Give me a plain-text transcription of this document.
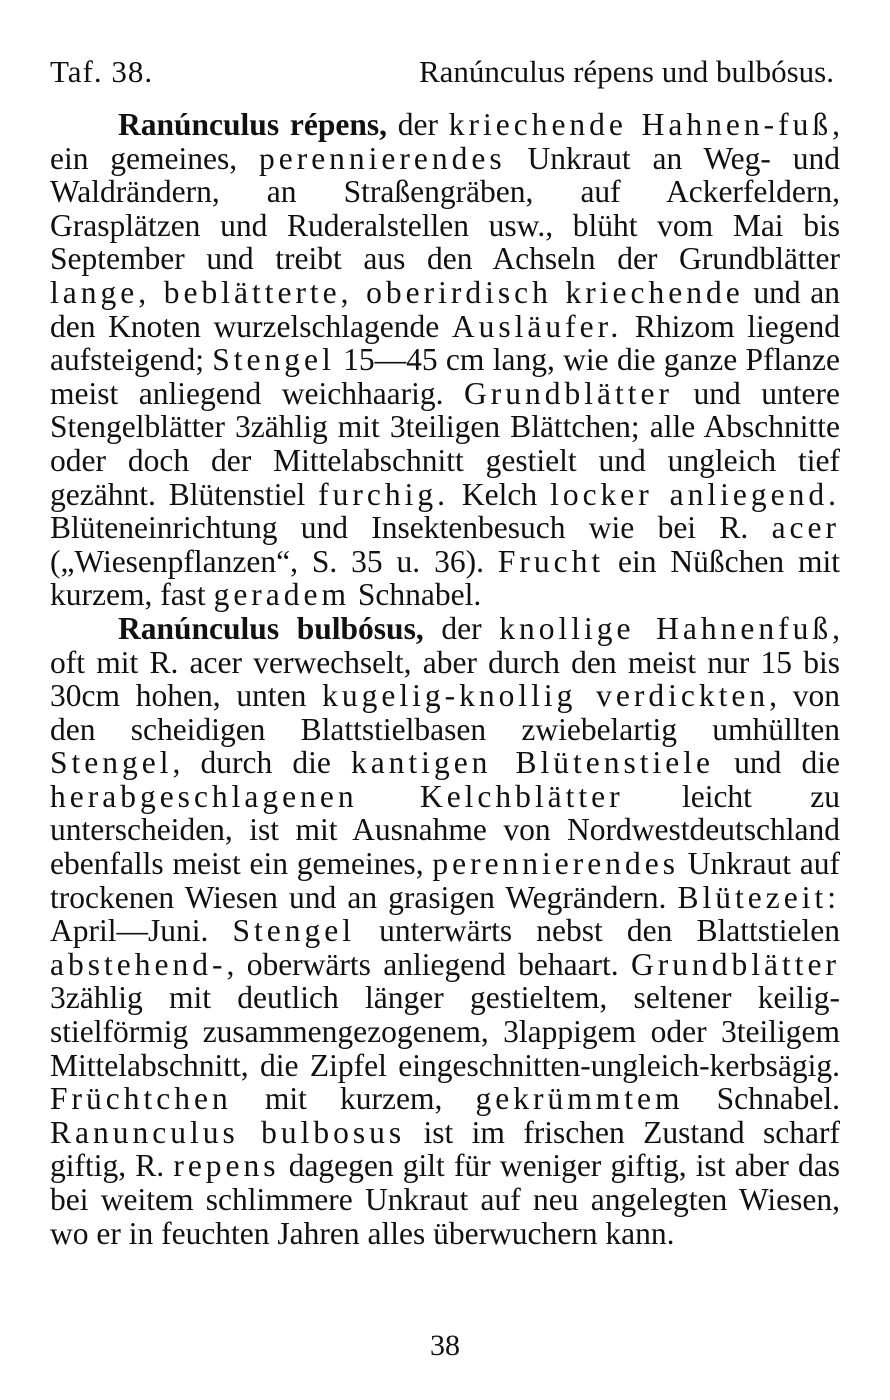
Taf. 38.	Ranúnculus répens und bulbósus.

Ranúnculus répens, der kriechende Hahnen-fuß, ein gemeines, perennierendes Unkraut an Weg- und Waldrändern, an Straßengräben, auf Ackerfeldern, Grasplätzen und Ruderalstellen usw., blüht vom Mai bis September und treibt aus den Achseln der Grundblätter lange, beblätterte, oberirdisch kriechende und an den Knoten wurzelschlagende Ausläufer. Rhizom liegend aufsteigend; Stengel 15—45 cm lang, wie die ganze Pflanze meist anliegend weichhaarig. Grundblätter und untere Stengelblätter 3zählig mit 3teiligen Blättchen; alle Abschnitte oder doch der Mittelabschnitt gestielt und ungleich tief gezähnt. Blütenstiel furchig. Kelch locker anliegend. Blüteneinrichtung und Insektenbesuch wie bei R. acer („Wiesenpflanzen“, S. 35 u. 36). Frucht ein Nüßchen mit kurzem, fast geradem Schnabel.

Ranúnculus bulbósus, der knollige Hahnenfuß, oft mit R. acer verwechselt, aber durch den meist nur 15 bis 30cm hohen, unten kugelig-knollig verdickten, von den scheidigen Blattstielbasen zwiebelartig umhüllten Stengel, durch die kantigen Blütenstiele und die herabgeschlagenen Kelchblätter leicht zu unterscheiden, ist mit Ausnahme von Nordwestdeutschland ebenfalls meist ein gemeines, perennierendes Unkraut auf trockenen Wiesen und an grasigen Wegrändern. Blütezeit: April—Juni. Stengel unterwärts nebst den Blattstielen abstehend-, oberwärts anliegend behaart. Grundblätter 3zählig mit deutlich länger gestieltem, seltener keilig-stielförmig zusammengezogenem, 3lappigem oder 3teiligem Mittelabschnitt, die Zipfel eingeschnitten-ungleich-kerbsägig. Früchtchen mit kurzem, gekrümmtem Schnabel. Ranunculus bulbosus ist im frischen Zustand scharf giftig, R. repens dagegen gilt für weniger giftig, ist aber das bei weitem schlimmere Unkraut auf neu angelegten Wiesen, wo er in feuchten Jahren alles überwuchern kann.

38
